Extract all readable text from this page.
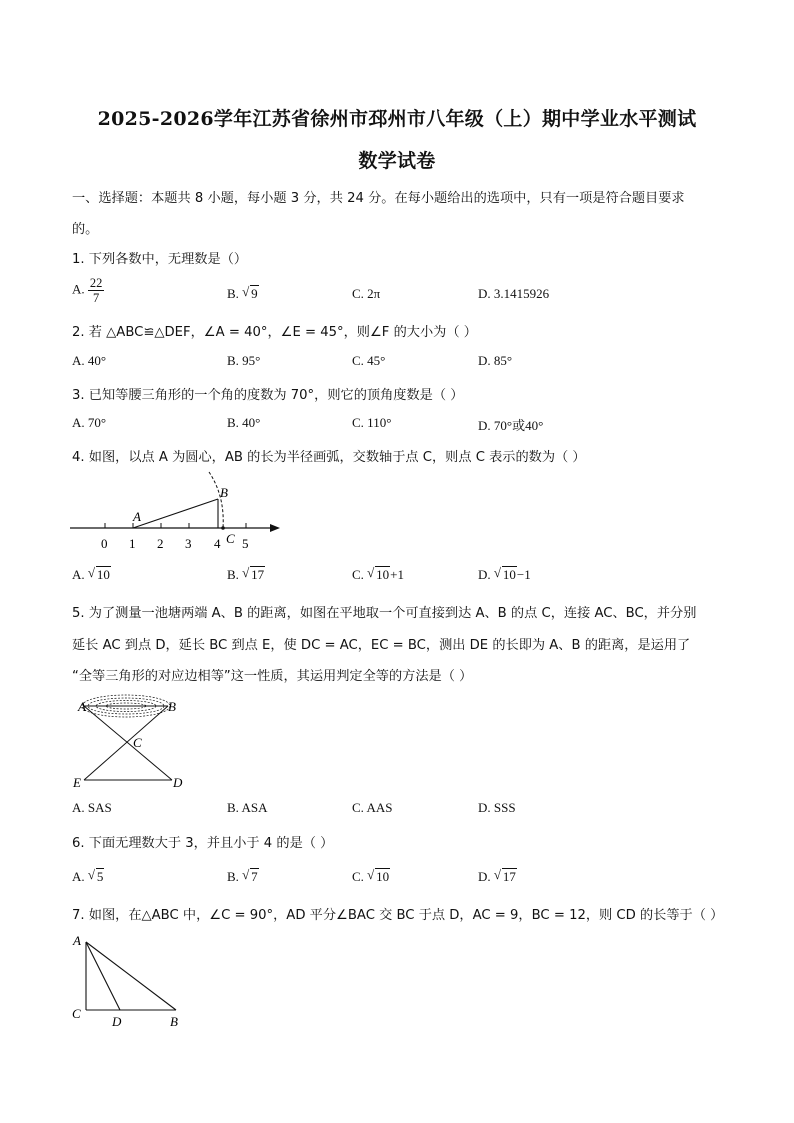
2025-2026学年江苏省徐州市邳州市八年级（上）期中学业水平测试
数学试卷
一、选择题：本题共 8 小题，每小题 3 分，共 24 分。在每小题给出的选项中，只有一项是符合题目要求
的。
1. 下列各数中，无理数是（）
A. $\frac{22}{7}$	B. √ 9	C. 2π	D. 3.1415926
2. 若 △ABC≌△DEF，∠A = 40°，∠E = 45°，则∠F 的大小为（ ）
A. 40°	B. 95°	C. 45°	D. 85°
3. 已知等腰三角形的一个角的度数为 70°，则它的顶角度数是（ ）
A. 70°	B. 40°	C. 110°	D. 70°或40°
4. 如图，以点 A 为圆心，AB 的长为半径画弧，交数轴于点 C，则点 C 表示的数为（ ）
0 1 2 3 4 5
A
B
C
A. √ 10	B. √ 17	C. √ 10+1	D. √ 10−1
5. 为了测量一池塘两端 A、B 的距离，如图在平地取一个可直接到达 A、B 的点 C，连接 AC、BC，并分别
延长 AC 到点 D，延长 BC 到点 E，使 DC = AC，EC = BC，测出 DE 的长即为 A、B 的距离，是运用了
“全等三角形的对应边相等”这一性质，其运用判定全等的方法是（ ）
A	B
C
D
E
A. SAS	B. ASA	C. AAS	D. SSS
6. 下面无理数大于 3，并且小于 4 的是（ ）
A. √ 5	B. √ 7	C. √ 10	D. √ 17
7. 如图，在△ABC 中，∠C = 90°，AD 平分∠BAC 交 BC 于点 D，AC = 9，BC = 12，则 CD 的长等于（ ）
A
C
D	B
